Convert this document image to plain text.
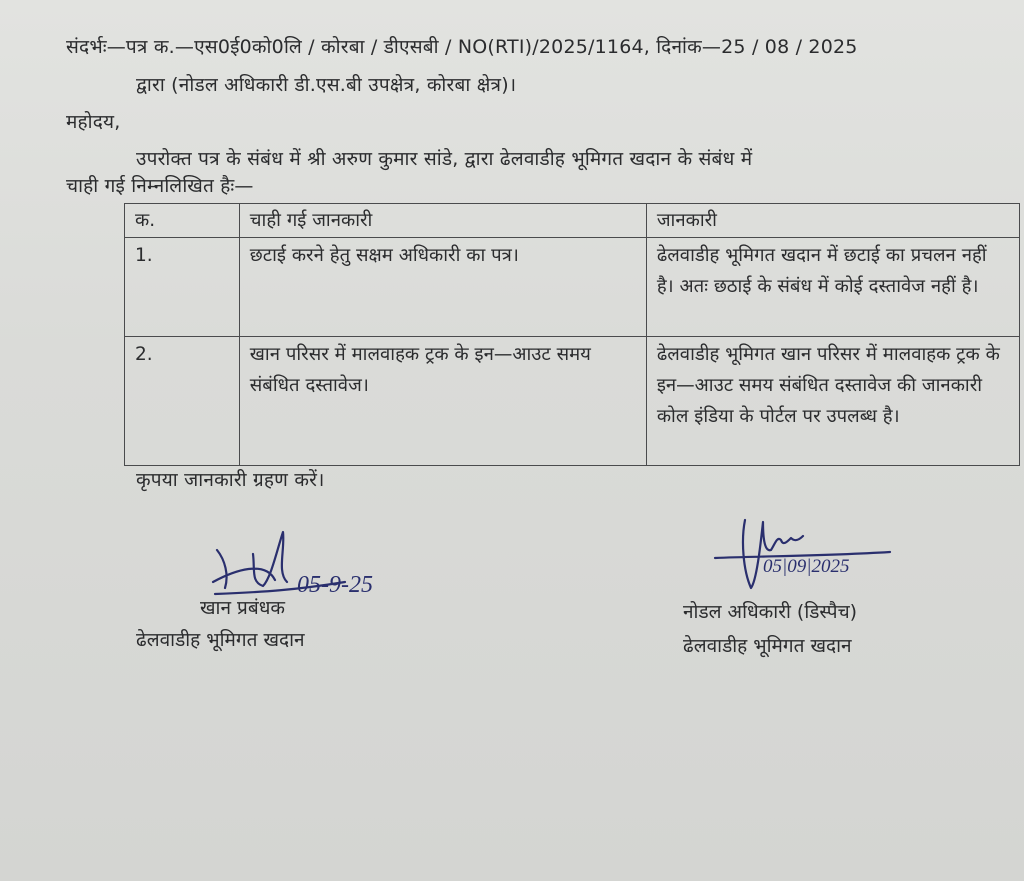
संदर्भः—पत्र क.—एस0ई0को0लि / कोरबा / डीएसबी / NO(RTI)/2025/1164, दिनांक—25 / 08 / 2025
द्वारा (नोडल अधिकारी डी.एस.बी उपक्षेत्र, कोरबा क्षेत्र)।
महोदय,
उपरोक्त पत्र के संबंध में श्री अरुण कुमार सांडे, द्वारा ढेलवाडीह भूमिगत खदान के संबंध में
चाही गई निम्नलिखित हैः—
क.	चाही गई जानकारी	जानकारी
1.	छटाई करने हेतु सक्षम अधिकारी का पत्र।	ढेलवाडीह भूमिगत खदान में छटाई का प्रचलन नहीं है। अतः छठाई के संबंध में कोई दस्तावेज नहीं है।
2.	खान परिसर में मालवाहक ट्रक के इन—आउट समय संबंधित दस्तावेज।	ढेलवाडीह भूमिगत खान परिसर में मालवाहक ट्रक के इन—आउट समय संबंधित दस्तावेज की जानकारी कोल इंडिया के पोर्टल पर उपलब्ध है।
कृपया जानकारी ग्रहण करें।
05-9-25
खान प्रबंधक
ढेलवाडीह भूमिगत खदान
05|09|2025
नोडल अधिकारी (डिस्पैच)
ढेलवाडीह भूमिगत खदान
